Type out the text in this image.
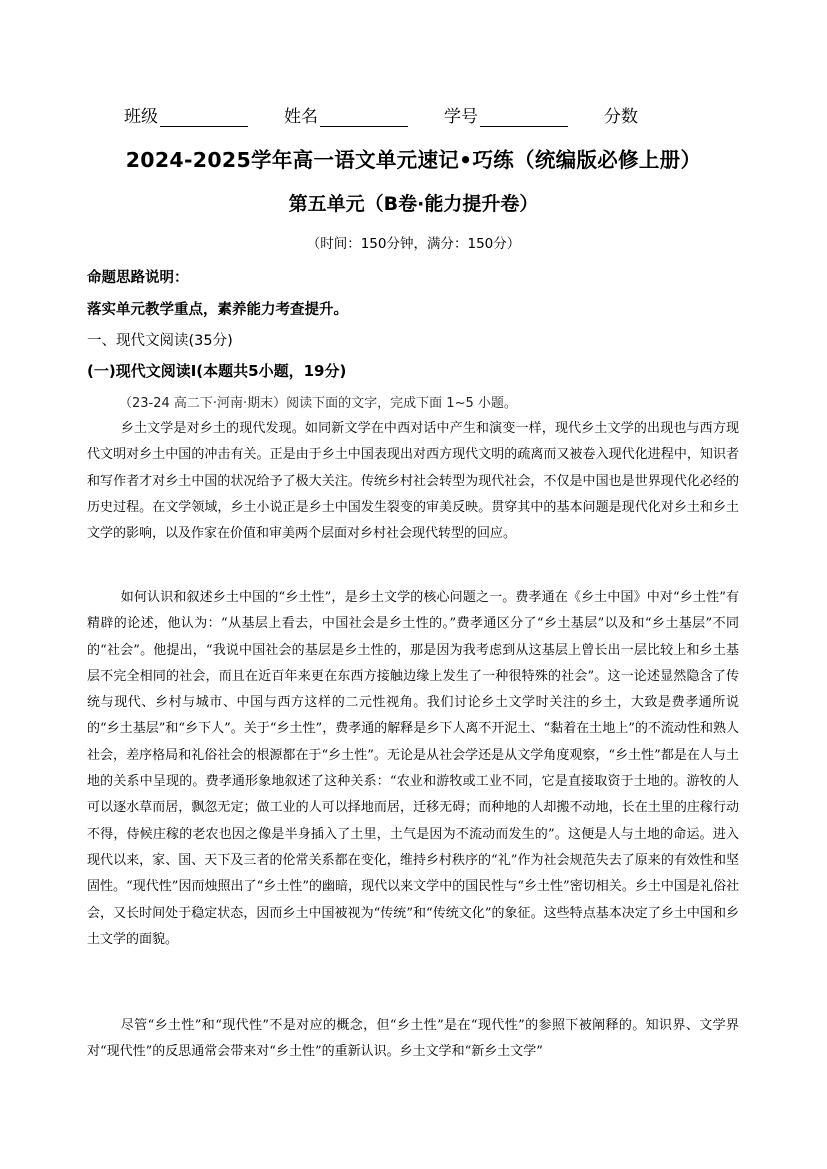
班级	姓名	学号	分数
2024-2025学年高一语文单元速记•巧练（统编版必修上册）
第五单元（B卷·能力提升卷）
（时间：150分钟，满分：150分）
命题思路说明：
落实单元教学重点，素养能力考查提升。
一、现代文阅读(35分)
(一)现代文阅读Ⅰ(本题共5小题，19分)
（23-24 高二下·河南·期末）阅读下面的文字，完成下面 1~5 小题。

乡土文学是对乡土的现代发现。如同新文学在中西对话中产生和演变一样，现代乡土文学的出现也与西方现代文明对乡土中国的冲击有关。正是由于乡土中国表现出对西方现代文明的疏离而又被卷入现代化进程中，知识者和写作者才对乡土中国的状况给予了极大关注。传统乡村社会转型为现代社会，不仅是中国也是世界现代化必经的历史过程。在文学领域，乡土小说正是乡土中国发生裂变的审美反映。贯穿其中的基本问题是现代化对乡土和乡土文学的影响，以及作家在价值和审美两个层面对乡村社会现代转型的回应。

如何认识和叙述乡土中国的“乡土性”，是乡土文学的核心问题之一。费孝通在《乡土中国》中对“乡土性”有精辟的论述，他认为：“从基层上看去，中国社会是乡土性的。”费孝通区分了“乡土基层”以及和“乡土基层”不同的“社会”。他提出，“我说中国社会的基层是乡土性的，那是因为我考虑到从这基层上曾长出一层比较上和乡土基层不完全相同的社会，而且在近百年来更在东西方接触边缘上发生了一种很特殊的社会”。这一论述显然隐含了传统与现代、乡村与城市、中国与西方这样的二元性视角。我们讨论乡土文学时关注的乡土，大致是费孝通所说的“乡土基层”和“乡下人”。关于“乡土性”，费孝通的解释是乡下人离不开泥土、“黏着在土地上”的不流动性和熟人社会，差序格局和礼俗社会的根源都在于“乡土性”。无论是从社会学还是从文学角度观察，“乡土性”都是在人与土地的关系中呈现的。费孝通形象地叙述了这种关系：“农业和游牧或工业不同，它是直接取资于土地的。游牧的人可以逐水草而居，飘忽无定；做工业的人可以择地而居，迁移无碍；而种地的人却搬不动地，长在土里的庄稼行动不得，侍候庄稼的老农也因之像是半身插入了土里，土气是因为不流动而发生的”。这便是人与土地的命运。进入现代以来，家、国、天下及三者的伦常关系都在变化，维持乡村秩序的“礼”作为社会规范失去了原来的有效性和坚固性。“现代性”因而烛照出了“乡土性”的幽暗，现代以来文学中的国民性与“乡土性”密切相关。乡土中国是礼俗社会，又长时间处于稳定状态，因而乡土中国被视为“传统”和“传统文化”的象征。这些特点基本决定了乡土中国和乡土文学的面貌。

尽管“乡土性”和“现代性”不是对应的概念，但“乡土性”是在“现代性”的参照下被阐释的。知识界、文学界对“现代性”的反思通常会带来对“乡土性”的重新认识。乡土文学和“新乡土文学”
